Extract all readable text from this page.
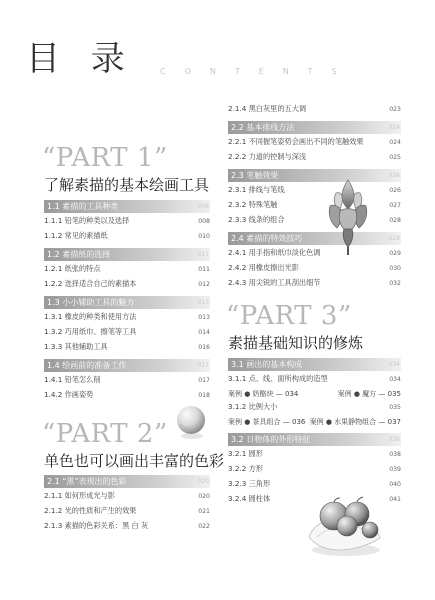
目 录	CONTENTS
“PART 1”
了解素描的基本绘画工具
1.1 素描的工具种类	008
1.1.1 铅笔的种类以及选择	008
1.1.2 常见的素描纸	010
1.2 素描纸的选择	011
1.2.1 纸张的特点	011
1.2.2 选择适合自己的素描本	012
1.3 小小辅助工具的魅力	013
1.3.1 橡皮的种类和使用方法	013
1.3.2 巧用纸巾、擦笔等工具	014
1.3.3 其他辅助工具	016
1.4 绘画前的准备工作	017
1.4.1 铅笔怎么削	017
1.4.2 作画姿势	018
“PART 2”
单色也可以画出丰富的色彩
2.1 “黑”表现出的色彩	020
2.1.1 如何形成光与影	020
2.1.2 光的性质和产生的效果	021
2.1.3 素描的色彩关系：黑 白 灰	022
2.1.4 黑白灰里的五大调	023
2.2 基本排线方法	024
2.2.1 不同握笔姿势会画出不同的笔触效果	024
2.2.2 力道的控制与深浅	025
2.3 笔触效果	026
2.3.1 排线与笔线	026
2.3.2 特殊笔触	027
2.3.3 线条的组合	028
2.4 素描的特效技巧	029
2.4.1 用手指和纸巾淡化色调	029
2.4.2 用橡皮擦出光影	030
2.4.3 用尖锐的工具刮出细节	032
“PART 3”
素描基础知识的修炼
3.1 画出的基本构成	034
3.1.1 点、线、面所构成的造型	034
案例 ● 奶酪块 — 034	案例 ● 魔方 — 035
3.1.2 比例大小	035
案例 ● 茶具组合 — 036 案例 ● 水果静物组合 — 037
3.2 日物体的外形特征	038
3.2.1 圆形	038
3.2.2 方形	039
3.2.3 三角形	040
3.2.4 圆柱体	041
